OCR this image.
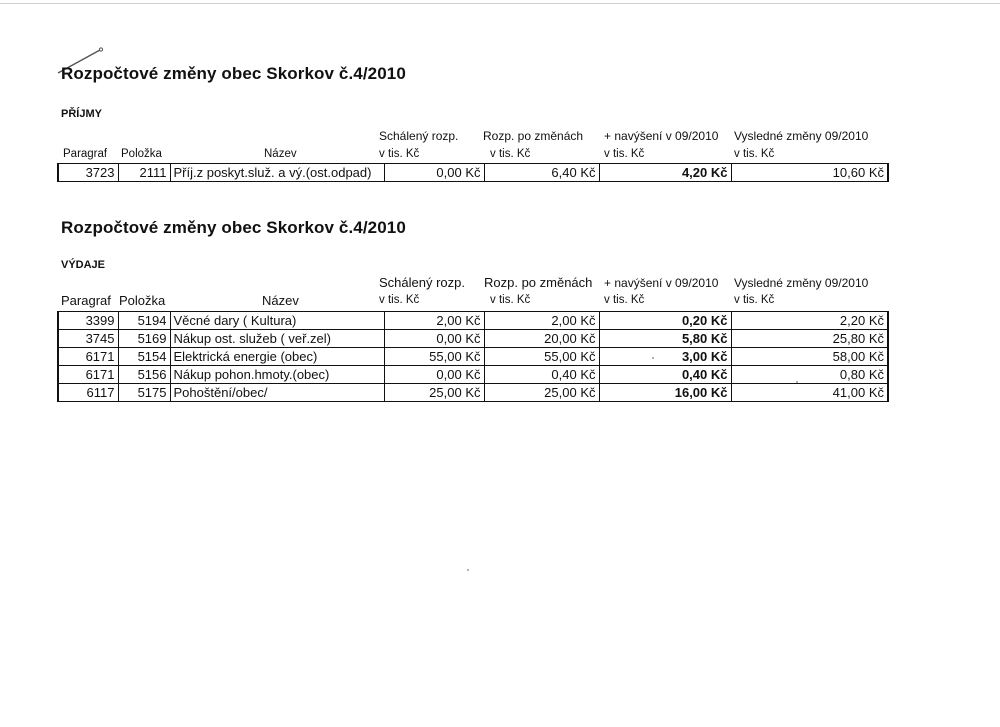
Rozpočtové změny obec Skorkov č.4/2010
PŘÍJMY
Schálený rozp. Rozp. po změnách + navýšení v 09/2010 Vysledné změny 09/2010
Paragraf Položka	Název	v tis. Kč	v tis. Kč	v tis. Kč	v tis. Kč
3723	2111	Příj.z poskyt.služ. a vý.(ost.odpad)	0,00 Kč	6,40 Kč	4,20 Kč	10,60 Kč
Rozpočtové změny obec Skorkov č.4/2010
VÝDAJE
Schálený rozp. Rozp. po změnách + navýšení v 09/2010 Vysledné změny 09/2010
Paragraf Položka	Název	v tis. Kč	v tis. Kč	v tis. Kč	v tis. Kč
3399	5194	Věcné dary ( Kultura)	2,00 Kč	2,00 Kč	0,20 Kč	2,20 Kč
3745	5169	Nákup ost. služeb ( veř.zel)	0,00 Kč	20,00 Kč	5,80 Kč	25,80 Kč
6171	5154	Elektrická energie (obec)	55,00 Kč	55,00 Kč	3,00 Kč	58,00 Kč
6171	5156	Nákup pohon.hmoty.(obec)	0,00 Kč	0,40 Kč	0,40 Kč	0,80 Kč
6117	5175	Pohoštění/obec/	25,00 Kč	25,00 Kč	16,00 Kč	41,00 Kč
